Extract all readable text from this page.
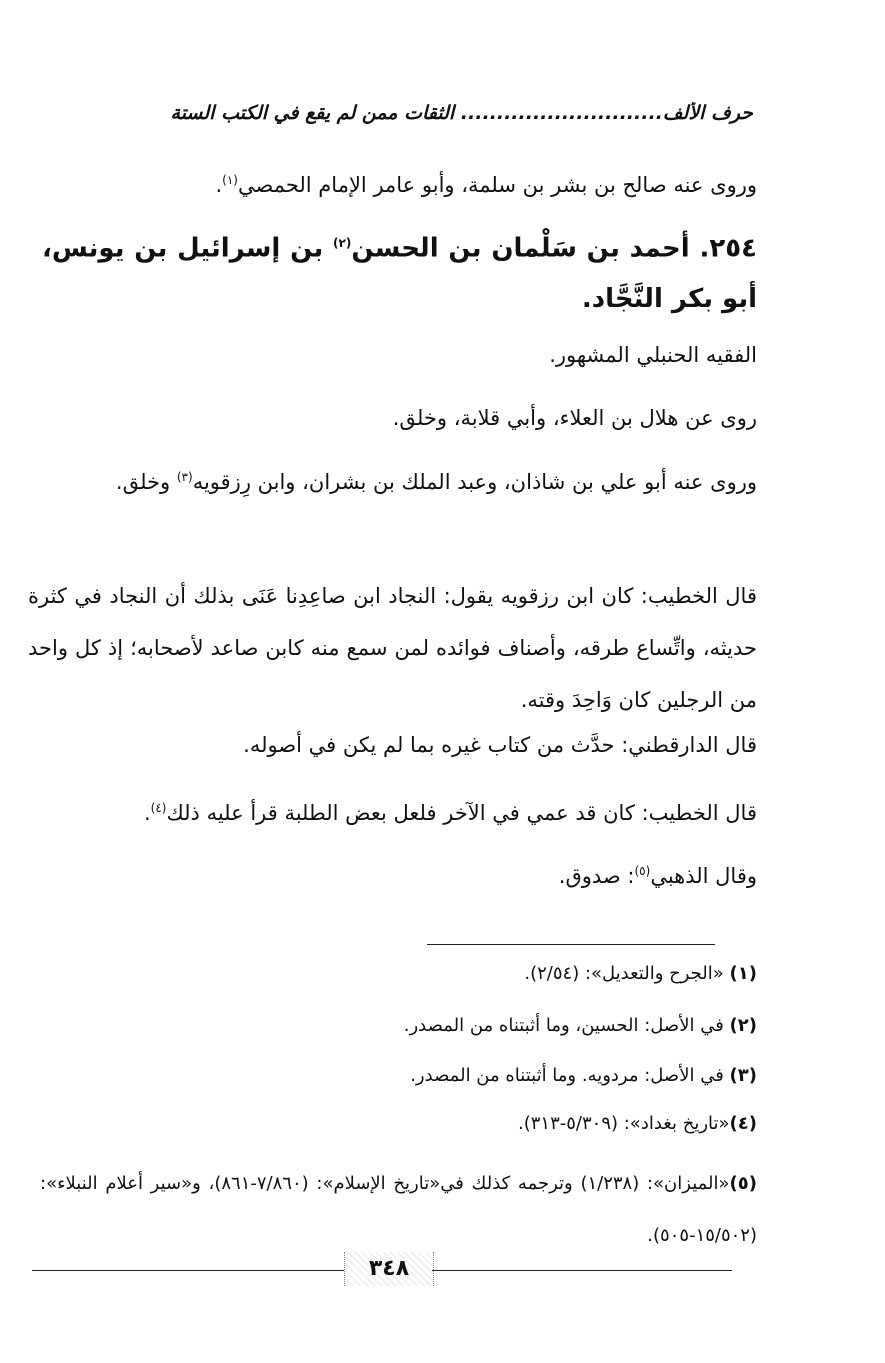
حرف الألف............................ الثقات ممن لم يقع في الكتب الستة
وروى عنه صالح بن بشر بن سلمة، وأبو عامر الإمام الحمصي$^{(١)}$.
٢٥٤. أحمد بن سَلْمان بن الحسن$^{(٢)}$ بن إسرائيل بن يونس، أبو بكر النَّجَّاد.
الفقيه الحنبلي المشهور.
روى عن هلال بن العلاء، وأبي قلابة، وخلق.
وروى عنه أبو علي بن شاذان، وعبد الملك بن بشران، وابن رِزقويه$^{(٣)}$ وخلق.
قال الخطيب: كان ابن رزقويه يقول: النجاد ابن صاعِدِنا عَنَى بذلك أن النجاد في كثرة حديثه، واتِّساع طرقه، وأصناف فوائده لمن سمع منه كابن صاعد لأصحابه؛ إذ كل واحد من الرجلين كان وَاحِدَ وقته.
قال الدارقطني: حدَّث من كتاب غيره بما لم يكن في أصوله.
قال الخطيب: كان قد عمي في الآخر فلعل بعض الطلبة قرأ عليه ذلك$^{(٤)}$.
وقال الذهبي$^{(٥)}$: صدوق.
(١) «الجرح والتعديل»: (٢/٥٤).
(٢) في الأصل: الحسين، وما أثبتناه من المصدر.
(٣) في الأصل: مردويه. وما أثبتناه من المصدر.
(٤)«تاريخ بغداد»: (٥/٣٠٩-٣١٣).
(٥)«الميزان»: (١/٢٣٨) وترجمه كذلك في«تاريخ الإسلام»: (٧/٨٦٠-٨٦١)، و«سير أعلام النبلاء»: (١٥/٥٠٢-٥٠٥).
٣٤٨
